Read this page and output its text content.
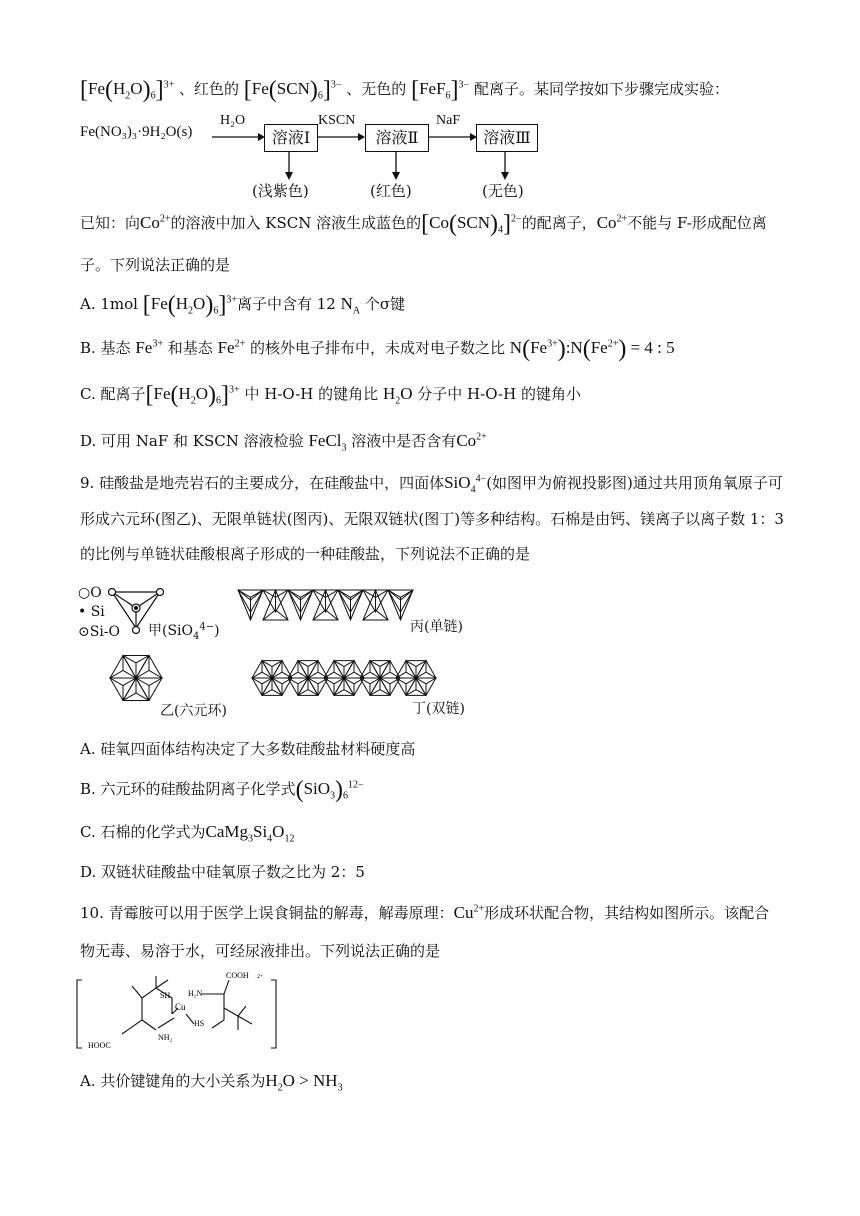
$[Fe(H_2O)_6]^{3+}$ 、红色的 $[Fe(SCN)_6]^{3-}$ 、无色的 $[FeF_6]^{3-}$ 配离子。某同学按如下步骤完成实验：
Fe(NO₃)₃·9H₂O(s)
H₂O	KSCN	NaF
溶液Ⅰ	溶液Ⅱ	溶液Ⅲ
(浅紫色)	(红色)	(无色)
已知：向$Co^{2+}$的溶液中加入 KSCN 溶液生成蓝色的$[Co(SCN)_4]^{2-}$的配离子，$Co^{2+}$不能与 F-形成配位离
子。下列说法正确的是
A. 1mol $[Fe(H_2O)_6]^{3+}$离子中含有 12 $N_A$ 个σ键
B. 基态 $Fe^{3+}$ 和基态 $Fe^{2+}$ 的核外电子排布中，未成对电子数之比 $N(Fe^{3+}):N(Fe^{2+}) = 4$ : 5
C. 配离子$[Fe(H_2O)_6]^{3+}$ 中 H-O-H 的键角比 $H_2O$ 分子中 H-O-H 的键角小
D. 可用 NaF 和 KSCN 溶液检验 FeCl$_3$ 溶液中是否含有$Co^{2+}$
9. 硅酸盐是地壳岩石的主要成分，在硅酸盐中，四面体SiO$_4^{4-}$(如图甲为俯视投影图)通过共用顶角氧原子可
形成六元环(图乙)、无限单链状(图丙)、无限双链状(图丁)等多种结构。石棉是由钙、镁离子以离子数 1：3
的比例与单链状硅酸根离子形成的一种硅酸盐，下列说法不正确的是
○O
• Si
⊙Si-O 甲(SiO$_4^{4-}$)	丙(单链)
乙(六元环)	丁(双链)
A. 硅氧四面体结构决定了大多数硅酸盐材料硬度高
B. 六元环的硅酸盐阴离子化学式$(SiO_3)_6^{12-}$
C. 石棉的化学式为$CaMg_3Si_4O_{12}$
D. 双链状硅酸盐中硅氧原子数之比为 2：5
10. 青霉胺可以用于医学上误食铜盐的解毒，解毒原理：$Cu^{2+}$形成环状配合物，其结构如图所示。该配合
物无毒、易溶于水，可经尿液排出。下列说法正确的是
Cu
SH H₂N
COOH 2+
HS
HOOC
NH₂
A. 共价键键角的大小关系为$H_2O > NH_3$
